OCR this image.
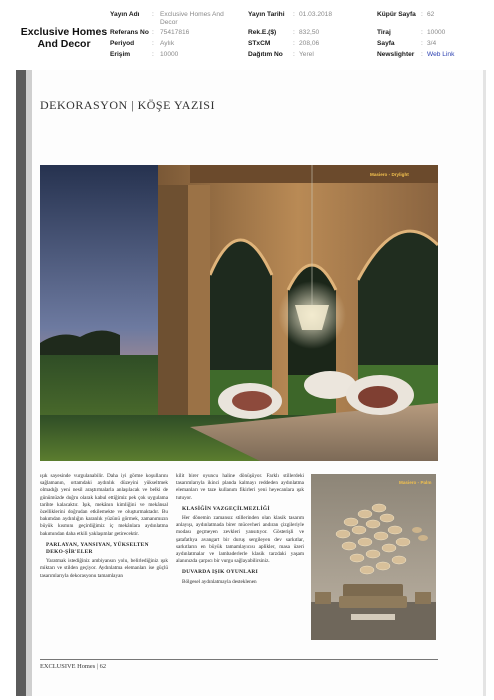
Exclusive Homes And Decor
Yayın Adı : Exclusive Homes And Decor
Referans No : 75417816
Periyod	: Aylık
Erişim	: 10000
Yayın Tarihi : 01.03.2018
Rek.E.($)	: 832,50
STxCM	: 208,06
Dağıtım No : Yerel
Küpür Sayfa : 62
Tiraj	: 10000
Sayfa	: 3/4
Newslighter : Web Link
DEKORASYON | KÖŞE YAZISI
Masiero - Drylight

ışık sayesinde vurgulanabilir. Daha iyi görme koşullarını sağlamanın, ortamdaki aydınlık düzeyini yükseltmek olmadığı yeni nesil araştırmalarla anlaşılacak ve belki de günümüzde doğru olarak kabul ettiğimiz pek çok uygulama tarihte kalacaktır. Işık, mekânın kimliğini ve mekânsal özelliklerini doğrudan etkilemekte ve oluşturmaktadır. Bu bakımdan aydınlığın karanlık yüzünü görmek, zamanımızın büyük kısmını geçirdiğimiz iç mekânlara aydınlatma bakımından daha etkili yaklaşımlar getirecektir.

PARLAYAN, YANSIYAN, YÜKSELTEN DEKO-ŞİR'ELER

Yaratmak istediğiniz ambiyansın yolu, belirlediğiniz ışık miktarı ve stilden geçiyor. Aydınlatma elemanları ise güçlü tasarımlarıyla dekorasyonu tamamlayan

kilit birer oyuncu haline dönüşüyor. Farklı stillerdeki tasarımlarıyla ikinci planda kalmayı reddeden aydınlatma elemanları ve taze kullanım fikirleri yeni heyecanlara ışık tutuyor.

KLASİĞİN VAZGEÇİLMEZLİĞİ

Her dönemin zamansız stillerinden olan klasik tasarım anlayışı, aydınlatmada birer mücevheri andıran çizgileriyle modası geçmeyen zevkleri yansıtıyor. Gösterişli ve şatafatlıya avangart bir duruş sergileyen dev sarkıtlar, sarkıtların en büyük tamamlayıcısı aplikler, masa üzeri aydınlatmalar ve lambaderlerle klasik tarzdaki yaşam alanınızda çarpıcı bir vurgu sağlayabilirsiniz.

DUVARDA IŞIK OYUNLARI

Bölgesel aydınlatmayla desteklenen

Masiero - Palm
EXCLUSIVE Homes | 62
